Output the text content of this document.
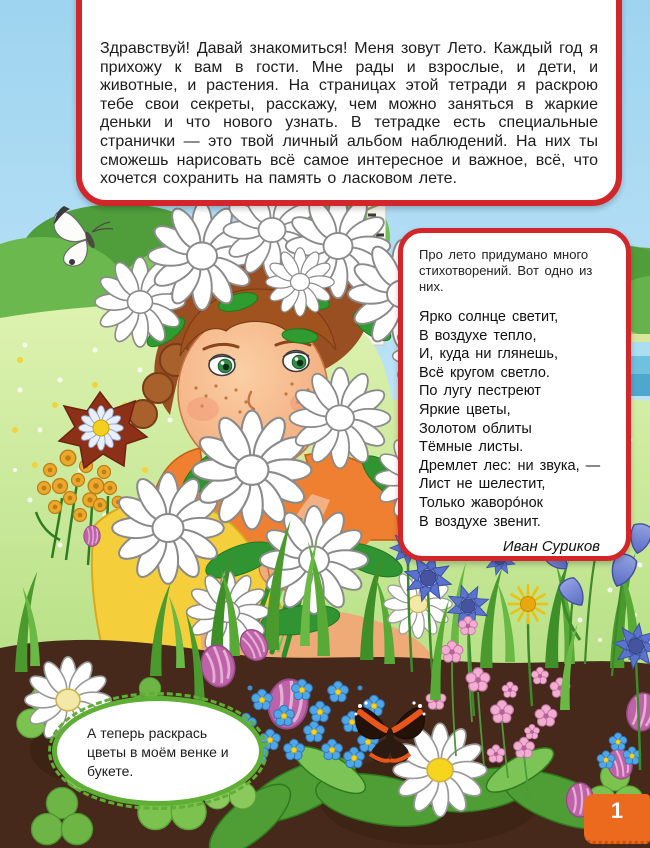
Здравствуй! Давай знакомиться! Меня зовут Лето. Каждый год я прихожу к вам в гости. Мне рады и взрослые, и дети, и животные, и растения. На страницах этой тетради я раскрою тебе свои секреты, расскажу, чем можно заняться в жаркие деньки и что нового узнать. В тетрадке есть специальные странички — это твой личный альбом наблюдений. На них ты сможешь нарисовать всё самое интересное и важное, всё, что хочется сохранить на память о ласковом лете.

Про лето придумано много стихотворений. Вот одно из них.

Ярко солнце светит,
В воздухе тепло,
И, куда ни глянешь,
Всё кругом светло.
По лугу пестреют
Яркие цветы,
Золотом облиты
Тёмные листы.
Дремлет лес: ни звука, —
Лист не шелестит,
Только жаворо́нок
В воздухе звенит.
Иван Суриков

А теперь раскрась цветы в моём венке и букете.

1
